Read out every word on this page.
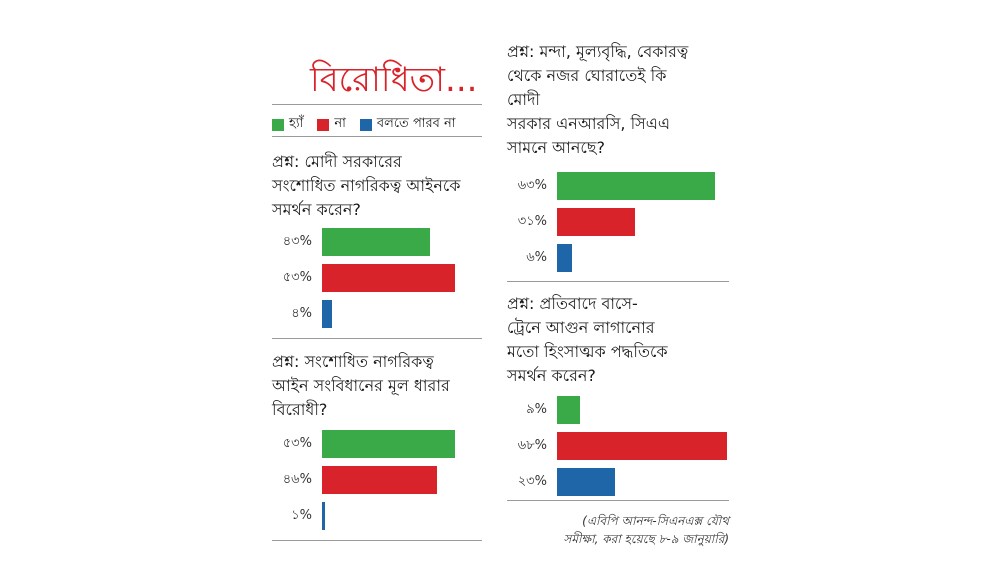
বিরোধিতা...
হ্যাঁ না বলতে পারব না
প্রশ্ন: মোদী সরকারের
সংশোধিত নাগরিকত্ব আইনকে
সমর্থন করেন?
৪৩%
৫৩%
৪%
প্রশ্ন: সংশোধিত নাগরিকত্ব
আইন সংবিধানের মূল ধারার
বিরোধী?
৫৩%
৪৬%
১%
প্রশ্ন: মন্দা, মূল্যবৃদ্ধি, বেকারত্ব
থেকে নজর ঘোরাতেই কি
মোদী
সরকার এনআরসি, সিএএ
সামনে আনছে?
৬৩%
৩১%
৬%
প্রশ্ন: প্রতিবাদে বাসে-
ট্রেনে আগুন লাগানোর
মতো হিংসাত্মক পদ্ধতিকে
সমর্থন করেন?
৯%
৬৮%
২৩%
(এবিপি আনন্দ-সিএনএক্স যৌথ
সমীক্ষা, করা হয়েছে ৮-৯ জানুয়ারি)
